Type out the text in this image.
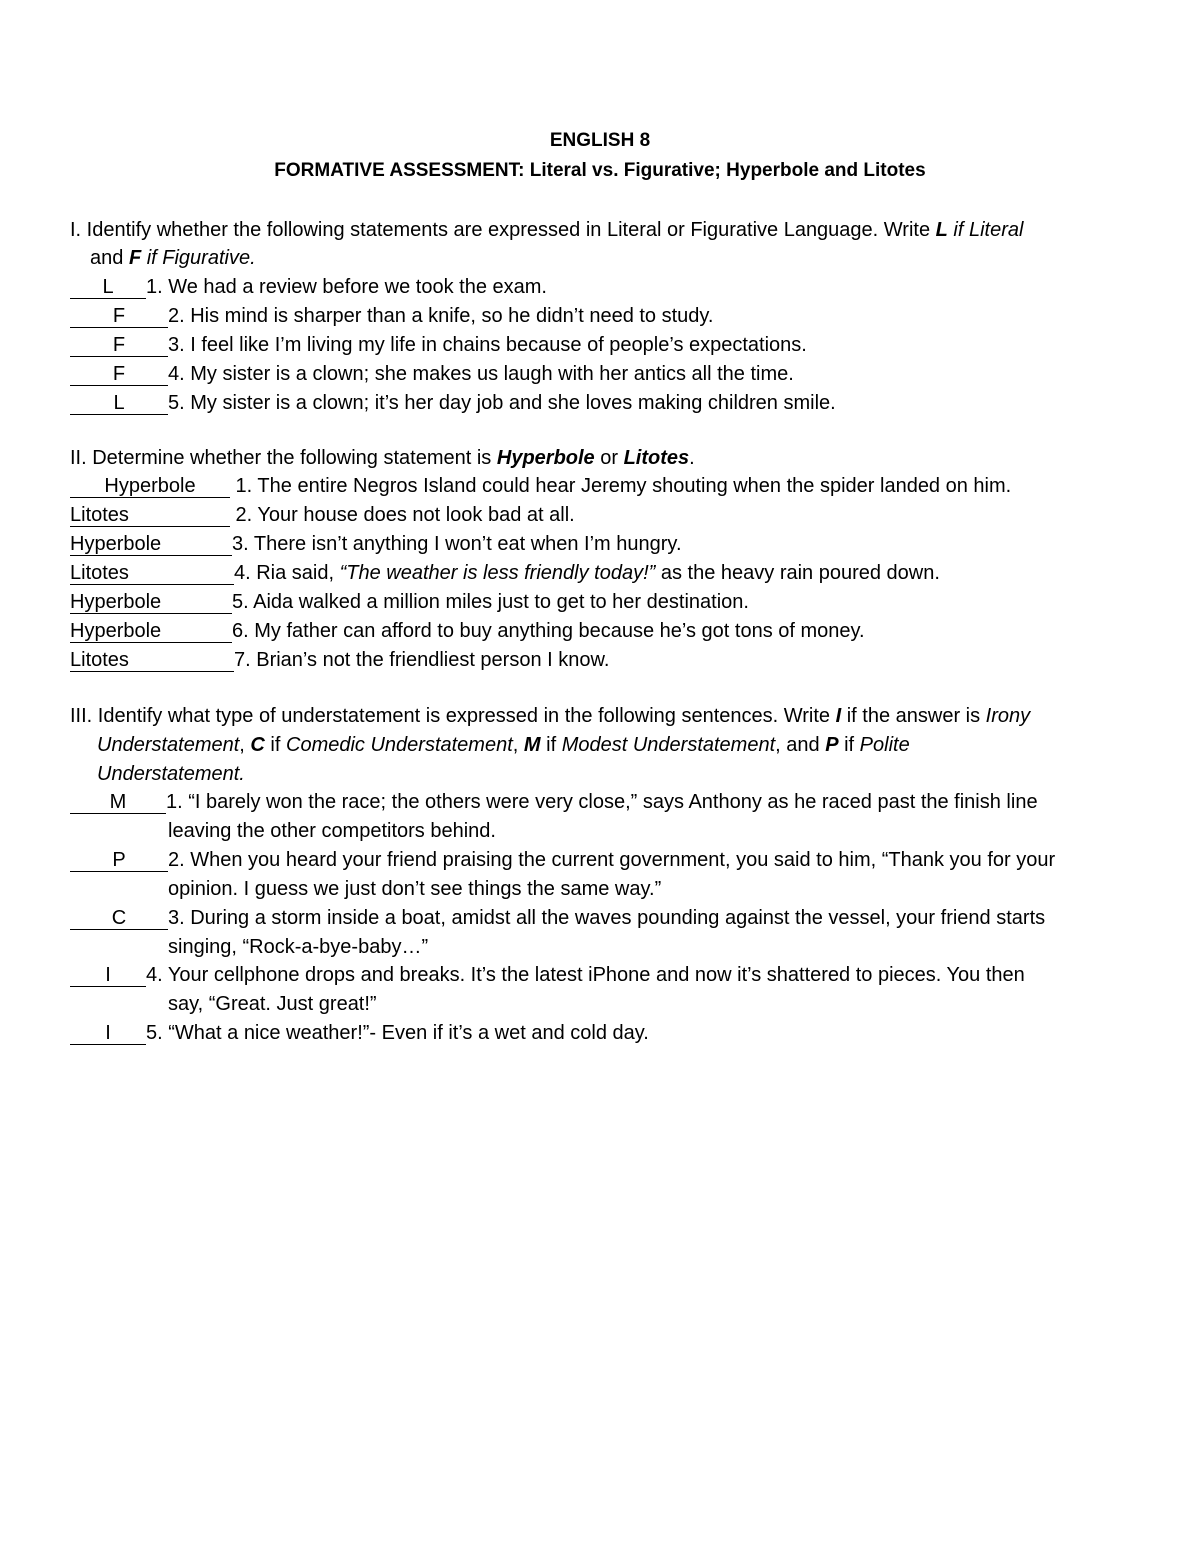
ENGLISH 8
FORMATIVE ASSESSMENT: Literal vs. Figurative; Hyperbole and Litotes
I. Identify whether the following statements are expressed in Literal or Figurative Language. Write L if Literal
and F if Figurative.
L 1. We had a review before we took the exam.
F 2. His mind is sharper than a knife, so he didn’t need to study.
F 3. I feel like I’m living my life in chains because of people’s expectations.
F 4. My sister is a clown; she makes us laugh with her antics all the time.
L 5. My sister is a clown; it’s her day job and she loves making children smile.
II. Determine whether the following statement is Hyperbole or Litotes.
Hyperbole 1. The entire Negros Island could hear Jeremy shouting when the spider landed on him.
Litotes	2. Your house does not look bad at all.
Hyperbole	3. There isn’t anything I won’t eat when I’m hungry.
Litotes	4. Ria said, “The weather is less friendly today!” as the heavy rain poured down.
Hyperbole	5. Aida walked a million miles just to get to her destination.
Hyperbole	6. My father can afford to buy anything because he’s got tons of money.
Litotes	7. Brian’s not the friendliest person I know.
III. Identify what type of understatement is expressed in the following sentences. Write I if the answer is Irony
Understatement, C if Comedic Understatement, M if Modest Understatement, and P if Polite
Understatement.
M 1. “I barely won the race; the others were very close,” says Anthony as he raced past the finish line
leaving the other competitors behind.
P 2. When you heard your friend praising the current government, you said to him, “Thank you for your
opinion. I guess we just don’t see things the same way.”
C 3. During a storm inside a boat, amidst all the waves pounding against the vessel, your friend starts
singing, “Rock-a-bye-baby…”
I 4. Your cellphone drops and breaks. It’s the latest iPhone and now it’s shattered to pieces. You then
say, “Great. Just great!”
I 5. “What a nice weather!”- Even if it’s a wet and cold day.
